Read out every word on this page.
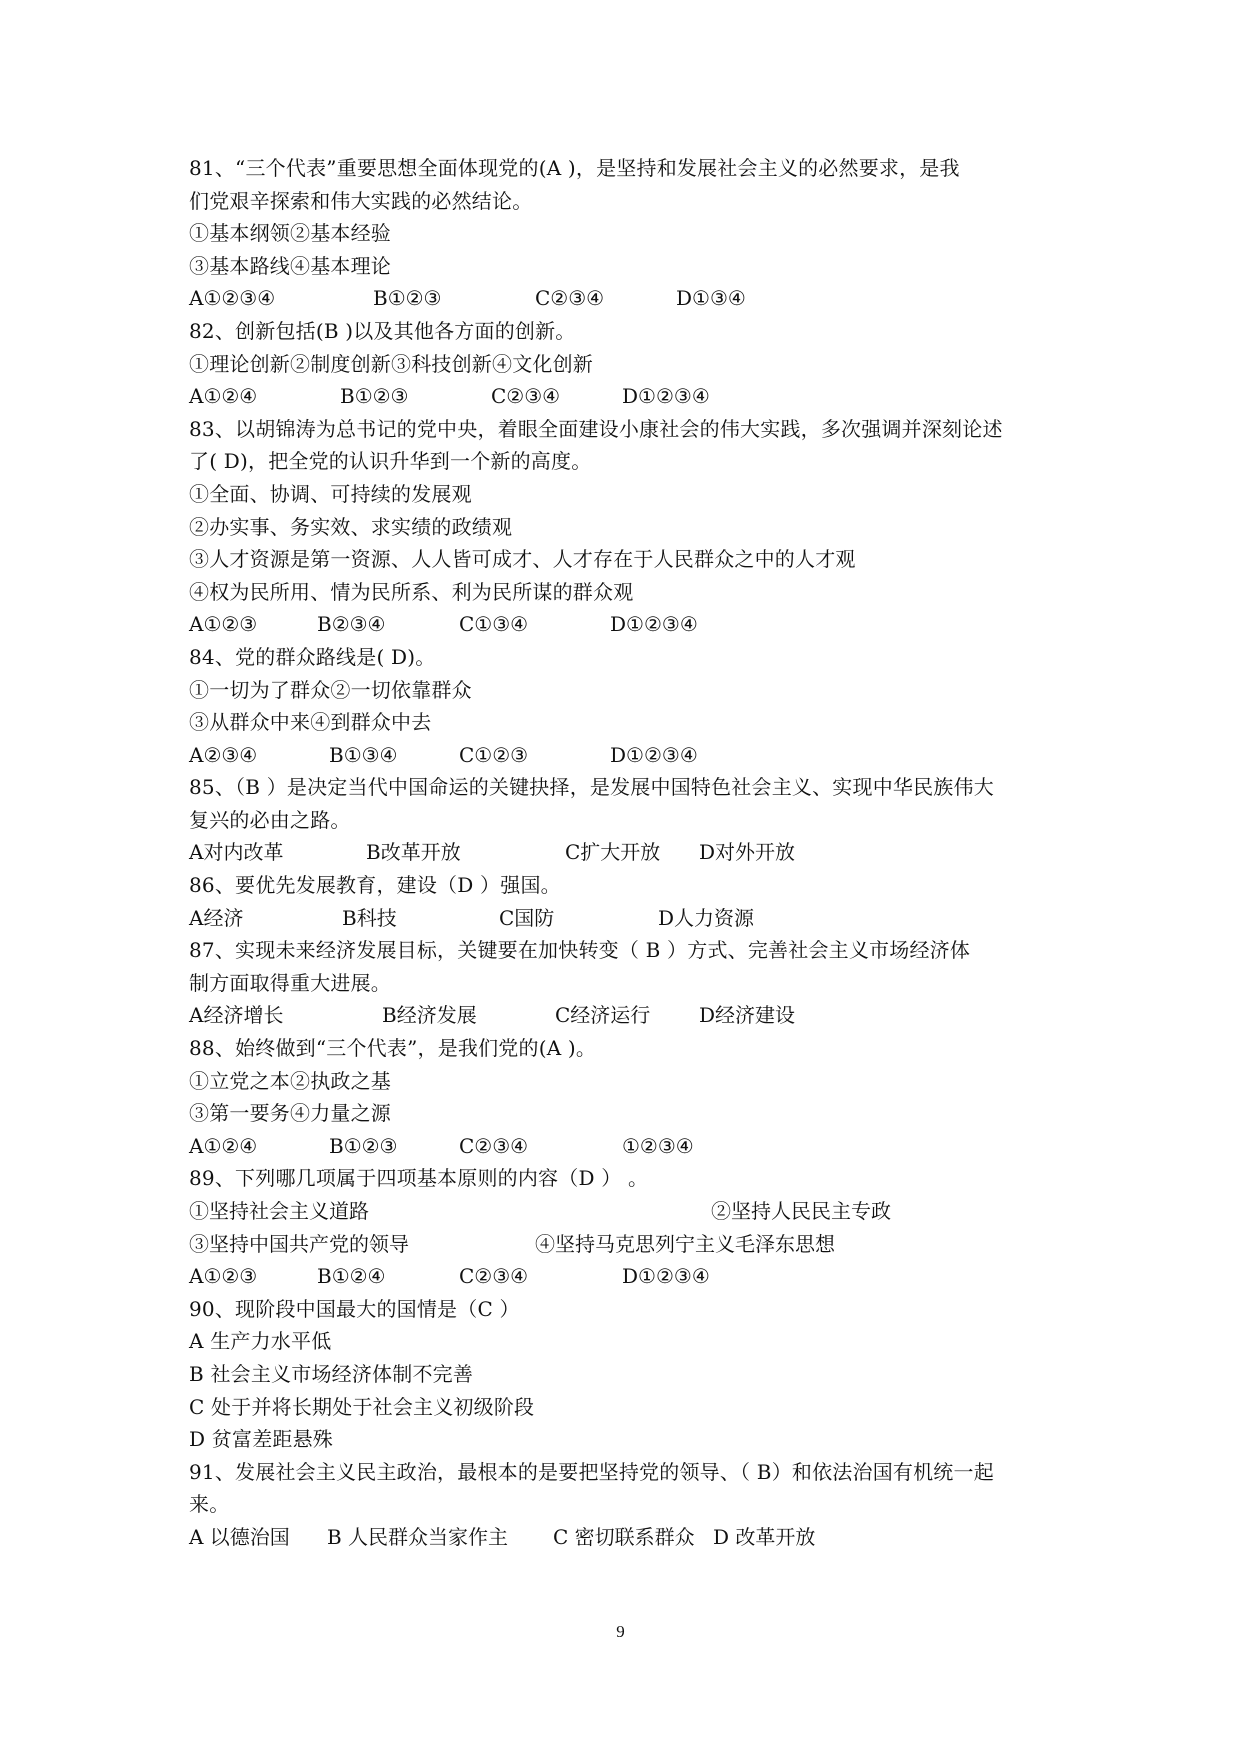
81、“三个代表”重要思想全面体现党的(A )，是坚持和发展社会主义的必然要求，是我
们党艰辛探索和伟大实践的必然结论。
①基本纲领②基本经验
③基本路线④基本理论
A①②③④	B①②③	C②③④	D①③④
82、创新包括(B )以及其他各方面的创新。
①理论创新②制度创新③科技创新④文化创新
A①②④	B①②③	C②③④	D①②③④
83、以胡锦涛为总书记的党中央，着眼全面建设小康社会的伟大实践，多次强调并深刻论述
了( D)，把全党的认识升华到一个新的高度。
①全面、协调、可持续的发展观
②办实事、务实效、求实绩的政绩观
③人才资源是第一资源、人人皆可成才、人才存在于人民群众之中的人才观
④权为民所用、情为民所系、利为民所谋的群众观
A①②③	B②③④	C①③④	D①②③④
84、党的群众路线是( D)。
①一切为了群众②一切依靠群众
③从群众中来④到群众中去
A②③④	B①③④	C①②③	D①②③④
85、（B ）是决定当代中国命运的关键抉择，是发展中国特色社会主义、实现中华民族伟大
复兴的必由之路。
A对内改革	B改革开放	C扩大开放	D对外开放
86、要优先发展教育，建设（D ）强国。
A经济	B科技	C国防	D人力资源
87、实现未来经济发展目标，关键要在加快转变（ B ）方式、完善社会主义市场经济体
制方面取得重大进展。
A经济增长	B经济发展	C经济运行	D经济建设
88、始终做到“三个代表”，是我们党的(A )。
①立党之本②执政之基
③第一要务④力量之源
A①②④	B①②③	C②③④	①②③④
89、下列哪几项属于四项基本原则的内容（D ） 。
①坚持社会主义道路	②坚持人民民主专政
③坚持中国共产党的领导	④坚持马克思列宁主义毛泽东思想
A①②③	B①②④	C②③④	D①②③④
90、现阶段中国最大的国情是（C ）
A 生产力水平低
B 社会主义市场经济体制不完善
C 处于并将长期处于社会主义初级阶段
D 贫富差距悬殊
91、发展社会主义民主政治，最根本的是要把坚持党的领导、（ B）和依法治国有机统一起
来。
A 以德治国	B 人民群众当家作主	C 密切联系群众 D 改革开放
9
